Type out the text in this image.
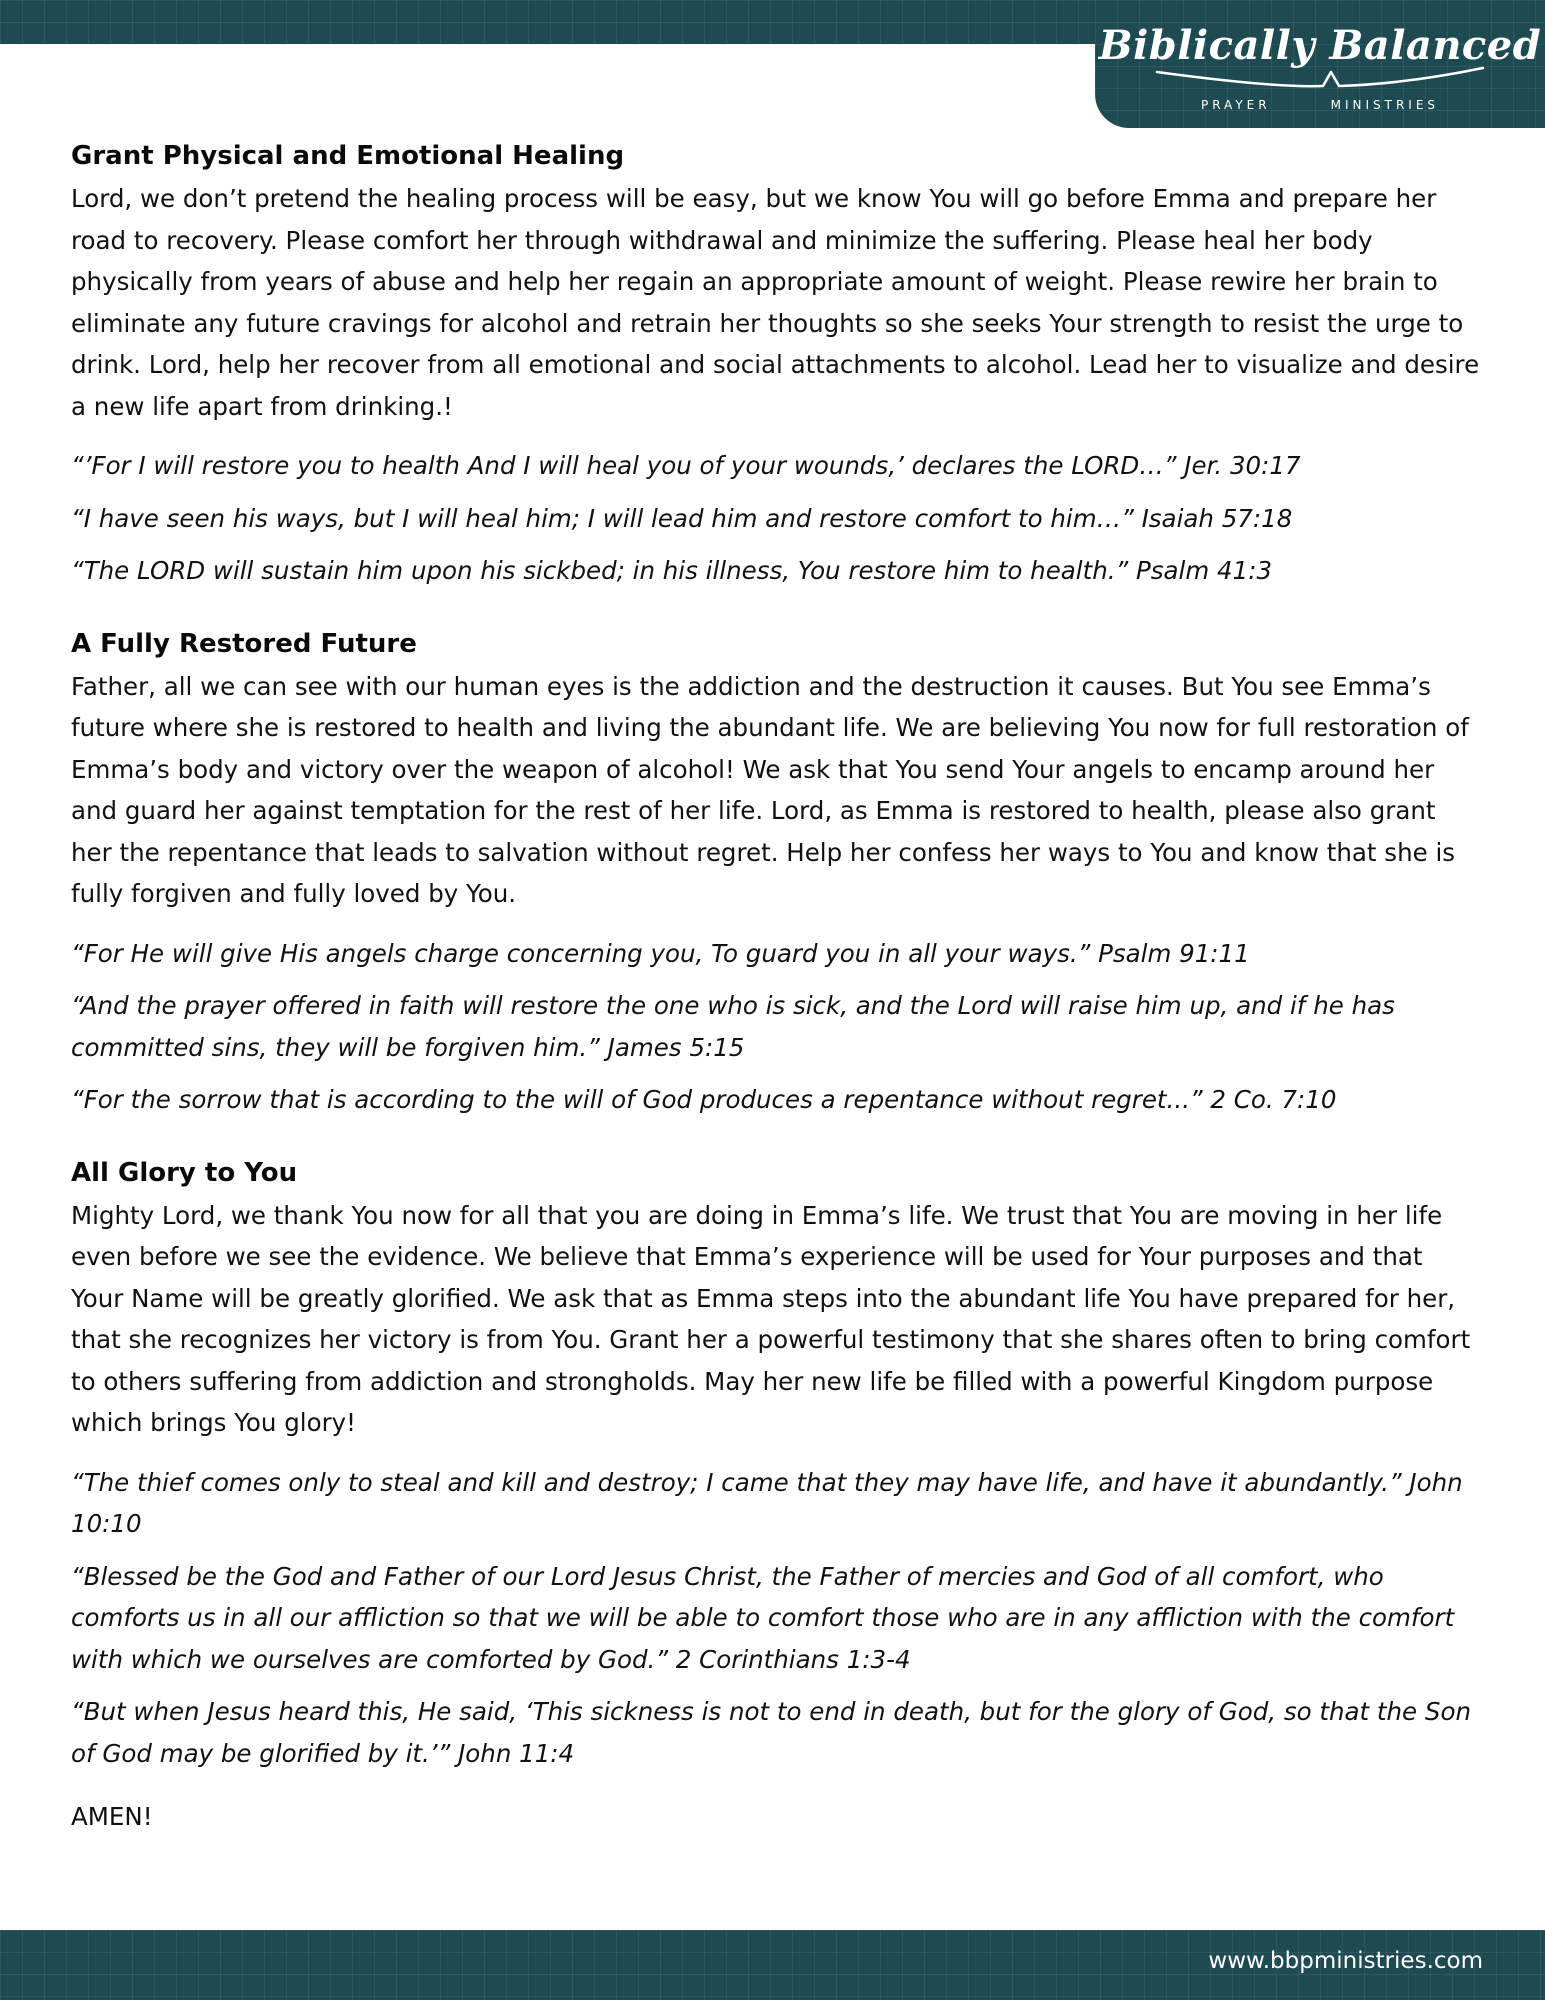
Biblically Balanced
PRAYER	MINISTRIES
Grant Physical and Emotional Healing

Lord, we don’t pretend the healing process will be easy, but we know You will go before Emma and prepare her road to recovery. Please comfort her through withdrawal and minimize the suffering. Please heal her body physically from years of abuse and help her regain an appropriate amount of weight. Please rewire her brain to eliminate any future cravings for alcohol and retrain her thoughts so she seeks Your strength to resist the urge to drink. Lord, help her recover from all emotional and social attachments to alcohol. Lead her to visualize and desire a new life apart from drinking.!

“’For I will restore you to health And I will heal you of your wounds,’ declares the LORD…” Jer. 30:17

“I have seen his ways, but I will heal him; I will lead him and restore comfort to him…” Isaiah 57:18

“The LORD will sustain him upon his sickbed; in his illness, You restore him to health.” Psalm 41:3

A Fully Restored Future

Father, all we can see with our human eyes is the addiction and the destruction it causes. But You see Emma’s future where she is restored to health and living the abundant life. We are believing You now for full restoration of Emma’s body and victory over the weapon of alcohol! We ask that You send Your angels to encamp around her and guard her against temptation for the rest of her life. Lord, as Emma is restored to health, please also grant her the repentance that leads to salvation without regret. Help her confess her ways to You and know that she is fully forgiven and fully loved by You.

“For He will give His angels charge concerning you, To guard you in all your ways.” Psalm 91:11

“And the prayer offered in faith will restore the one who is sick, and the Lord will raise him up, and if he has committed sins, they will be forgiven him.” James 5:15

“For the sorrow that is according to the will of God produces a repentance without regret...” 2 Co. 7:10

All Glory to You

Mighty Lord, we thank You now for all that you are doing in Emma’s life. We trust that You are moving in her life even before we see the evidence. We believe that Emma’s experience will be used for Your purposes and that Your Name will be greatly glorified. We ask that as Emma steps into the abundant life You have prepared for her, that she recognizes her victory is from You. Grant her a powerful testimony that she shares often to bring comfort to others suffering from addiction and strongholds. May her new life be filled with a powerful Kingdom purpose which brings You glory!

“The thief comes only to steal and kill and destroy; I came that they may have life, and have it abundantly.” John 10:10

“Blessed be the God and Father of our Lord Jesus Christ, the Father of mercies and God of all comfort, who comforts us in all our affliction so that we will be able to comfort those who are in any affliction with the comfort with which we ourselves are comforted by God.” 2 Corinthians 1:3-4

“But when Jesus heard this, He said, ‘This sickness is not to end in death, but for the glory of God, so that the Son of God may be glorified by it.’” John 11:4

AMEN!

www.bbpministries.com
